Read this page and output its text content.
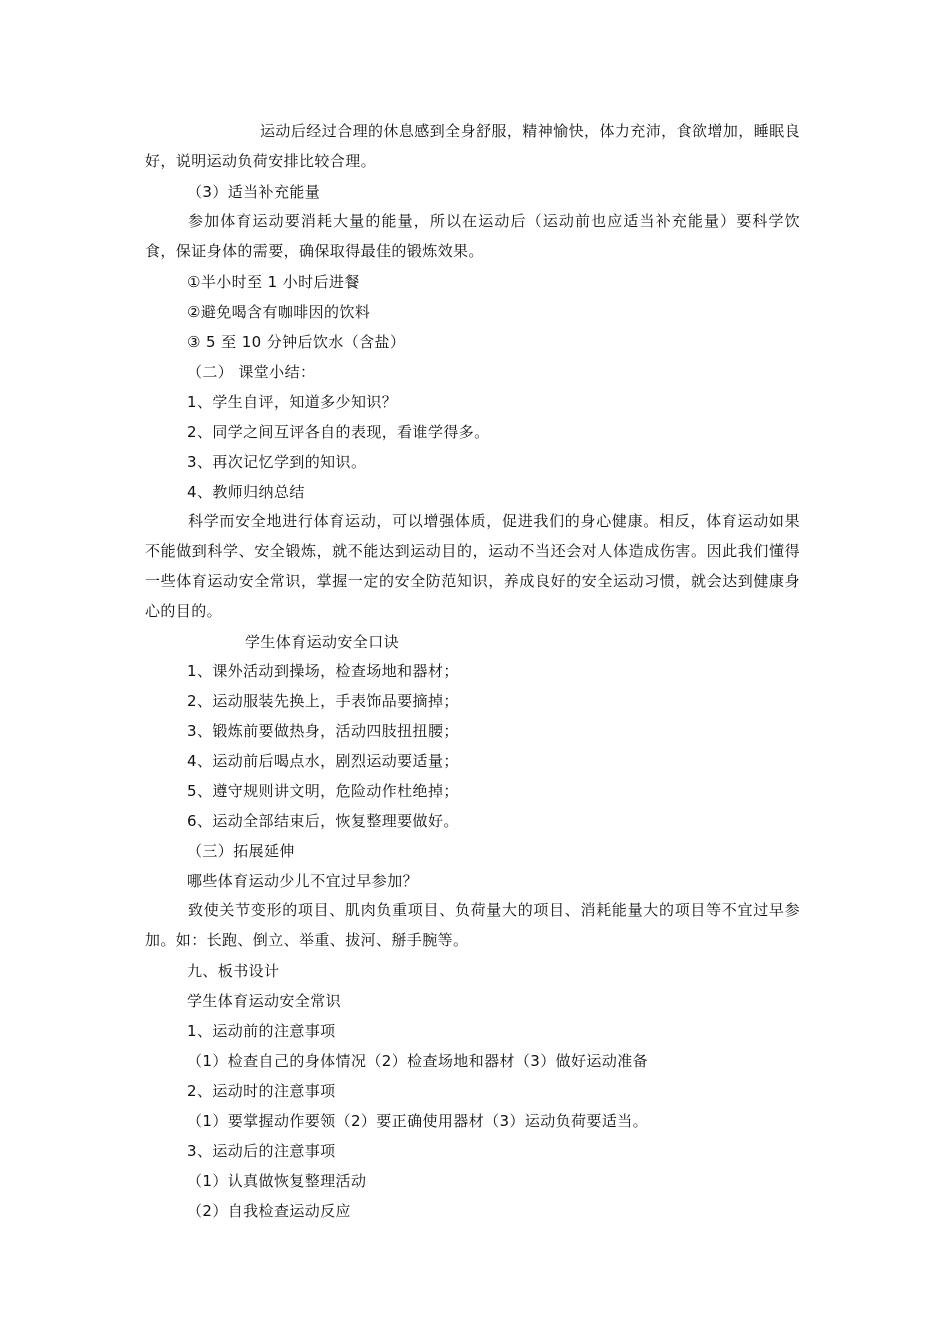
运动后经过合理的休息感到全身舒服，精神愉快，体力充沛，食欲增加，睡眠良好，说明运动负荷安排比较合理。

（3）适当补充能量

参加体育运动要消耗大量的能量，所以在运动后（运动前也应适当补充能量）要科学饮食，保证身体的需要，确保取得最佳的锻炼效果。

①半小时至 1 小时后进餐

②避免喝含有咖啡因的饮料

③ 5 至 10 分钟后饮水（含盐）

（二） 课堂小结：

1、学生自评，知道多少知识？

2、同学之间互评各自的表现，看谁学得多。

3、再次记忆学到的知识。

4、教师归纳总结

科学而安全地进行体育运动，可以增强体质，促进我们的身心健康。相反，体育运动如果不能做到科学、安全锻炼，就不能达到运动目的，运动不当还会对人体造成伤害。因此我们懂得一些体育运动安全常识，掌握一定的安全防范知识，养成良好的安全运动习惯，就会达到健康身心的目的。

学生体育运动安全口诀

1、课外活动到操场，检查场地和器材；

2、运动服装先换上，手表饰品要摘掉；

3、锻炼前要做热身，活动四肢扭扭腰；

4、运动前后喝点水，剧烈运动要适量；

5、遵守规则讲文明，危险动作杜绝掉；

6、运动全部结束后，恢复整理要做好。

（三）拓展延伸

哪些体育运动少儿不宜过早参加？

致使关节变形的项目、肌肉负重项目、负荷量大的项目、消耗能量大的项目等不宜过早参加。如：长跑、倒立、举重、拔河、掰手腕等。

九、板书设计

学生体育运动安全常识

1、运动前的注意事项

（1）检查自己的身体情况（2）检查场地和器材（3）做好运动准备

2、运动时的注意事项

（1）要掌握动作要领（2）要正确使用器材（3）运动负荷要适当。

3、运动后的注意事项

（1）认真做恢复整理活动

（2）自我检查运动反应
